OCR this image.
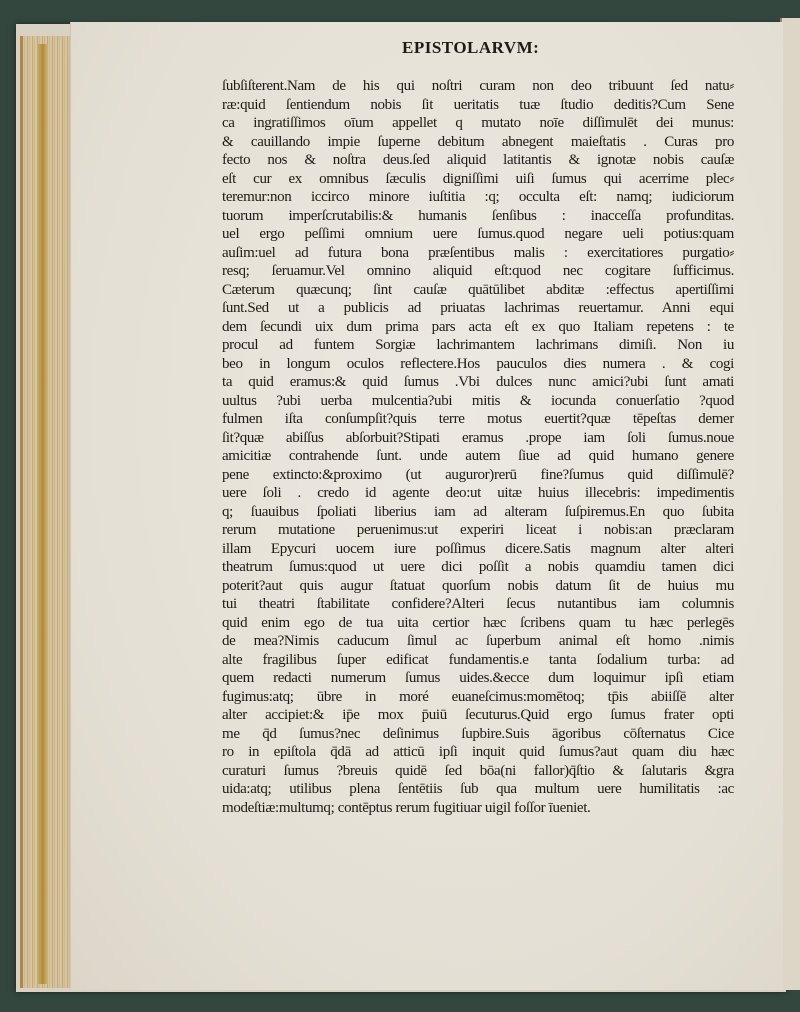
EPISTOLARVM:
ſubſiſterent.Nam de his qui noſtri curam non deo tribuunt ſed natu⸗
ræ:quid ſentiendum nobis ſit ueritatis tuæ ſtudio deditis?Cum Sene
ca ingratiſſimos oīum appellet q mutato noīe diſſimulēt dei munus:
& cauillando impie ſuperne debitum abnegent maieſtatis . Curas pro
fecto nos & noſtra deus.ſed aliquid latitantis & ignotæ nobis cauſæ
eſt cur ex omnibus ſæculis digniſſimi uiſi ſumus qui acerrime plec⸗
teremur:non iccirco minore iuſtitia :q; occulta eſt: namq; iudiciorum
tuorum imperſcrutabilis:& humanis ſenſibus : inacceſſa profunditas.
uel ergo peſſimi omnium uere ſumus.quod negare ueli potius:quam
auſim:uel ad futura bona præſentibus malis : exercitatiores purgatio⸗
resq; ſeruamur.Vel omnino aliquid eſt:quod nec cogitare ſufficimus.
Cæterum quæcunq; ſint cauſæ quātūlibet abditæ :effectus apertiſſimi
ſunt.Sed ut a publicis ad priuatas lachrimas reuertamur. Anni equi
dem ſecundi uix dum prima pars acta eſt ex quo Italiam repetens : te
procul ad funtem Sorgiæ lachrimantem lachrimans dimiſi. Non iu
beo in longum oculos reflectere.Hos pauculos dies numera . & cogi
ta quid eramus:& quid ſumus .Vbi dulces nunc amici?ubi ſunt amati
uultus ?ubi uerba mulcentia?ubi mitis & iocunda conuerſatio ?quod
fulmen iſta conſumpſit?quis terre motus euertit?quæ tēpeſtas demer
ſit?quæ abiſſus abſorbuit?Stipati eramus .prope iam ſoli ſumus.noue
amicitiæ contrahende ſunt. unde autem ſiue ad quid humano genere
pene extincto:&proximo (ut auguror)rerū fine?ſumus quid diſſimulē?
uere ſoli . credo id agente deo:ut uitæ huius illecebris: impedimentis
q; ſuauibus ſpoliati liberius iam ad alteram ſuſpiremus.En quo ſubita
rerum mutatione peruenimus:ut experiri liceat i nobis:an præclaram
illam Epycuri uocem iure poſſimus dicere.Satis magnum alter alteri
theatrum ſumus:quod ut uere dici poſſit a nobis quamdiu tamen dici
poterit?aut quis augur ſtatuat quorſum nobis datum ſit de huius mu
tui theatri ſtabilitate confidere?Alteri ſecus nutantibus iam columnis
quid enim ego de tua uita certior hæc ſcribens quam tu hæc perlegēs
de mea?Nimis caducum ſimul ac ſuperbum animal eſt homo .nimis
alte fragilibus ſuper edificat fundamentis.e tanta ſodalium turba: ad
quem redacti numerum ſumus uides.&ecce dum loquimur ipſi etiam
fugimus:atq; ūbre in moré euaneſcimus:momētoq; tp̄is abiiſſē alter
alter accipiet:& ip̄e mox p̄uiū ſecuturus.Quid ergo ſumus frater opti
me q̄d ſumus?nec deſinimus ſupbire.Suis āgoribus cōſternatus Cice
ro in epiſtola q̄dā ad atticū ipſi inquit quid ſumus?aut quam diu hæc
curaturi ſumus ?breuis quidē ſed bōa(ni fallor)q̄ſtio & ſalutaris &gra
uida:atq; utilibus plena ſentētiis ſub qua multum uere humilitatis :ac
modeſtiæ:multumq; contēptus rerum fugitiuar uigil foſſor īueniet.
